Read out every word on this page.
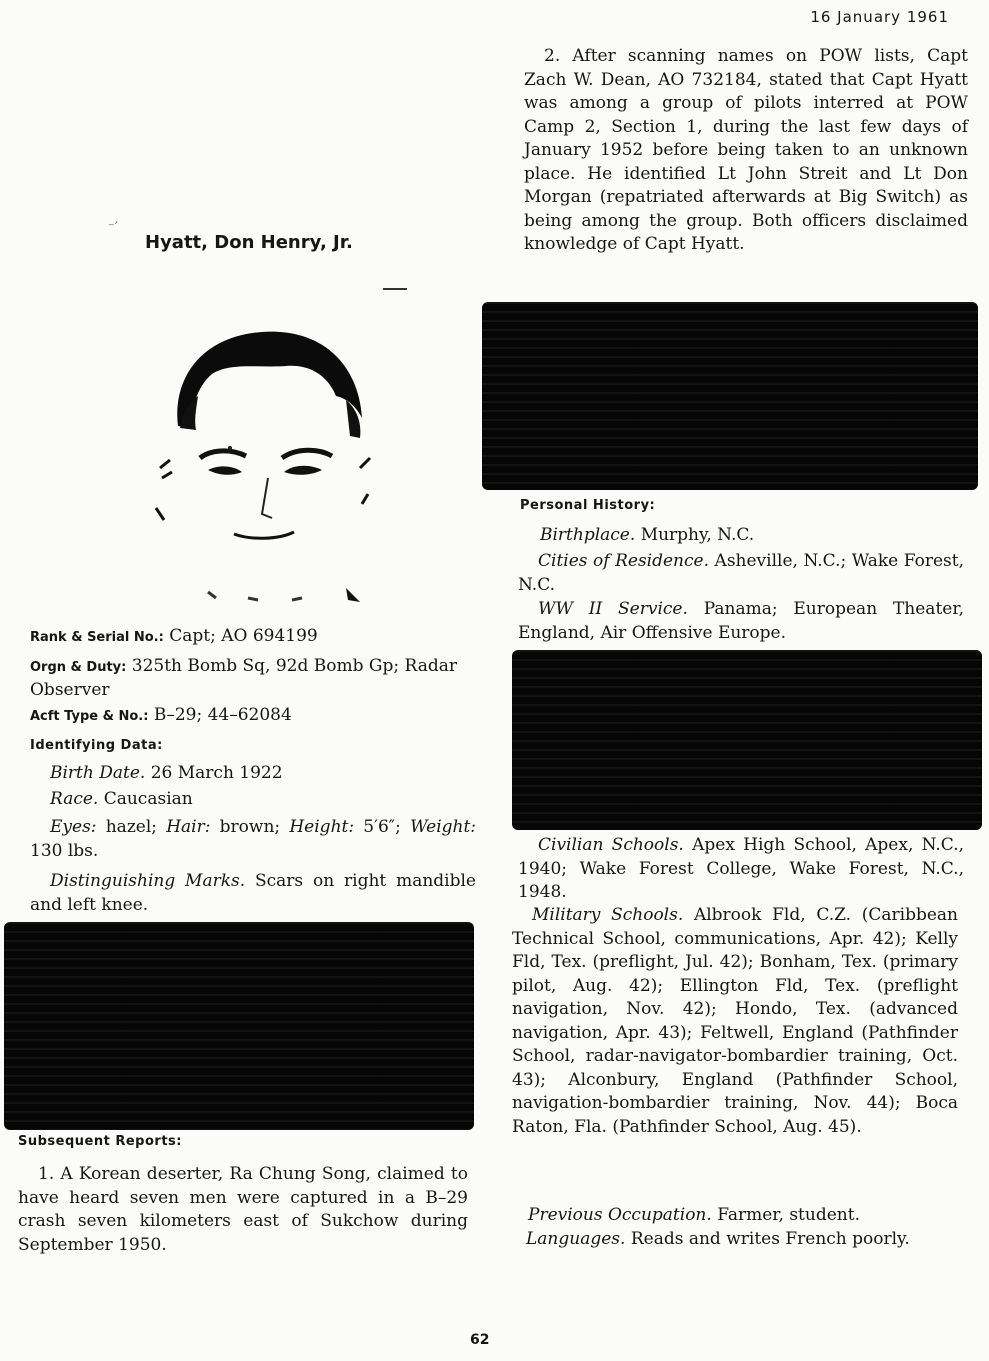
16 January 1961
Hyatt, Don Henry, Jr.
⁻′
Rank & Serial No.: Capt; AO 694199
Orgn & Duty: 325th Bomb Sq, 92d Bomb Gp; Radar Observer
Acft Type & No.: B–29; 44–62084
Identifying Data:
Birth Date. 26 March 1922
Race. Caucasian
Eyes: hazel; Hair: brown; Height: 5′6″; Weight: 130 lbs.
Distinguishing Marks. Scars on right mandible and left knee.
Subsequent Reports:

1. A Korean deserter, Ra Chung Song, claimed to have heard seven men were captured in a B–29 crash seven kilometers east of Sukchow during September 1950.

2. After scanning names on POW lists, Capt Zach W. Dean, AO 732184, stated that Capt Hyatt was among a group of pilots interred at POW Camp 2, Section 1, during the last few days of January 1952 before being taken to an unknown place. He identified Lt John Streit and Lt Don Morgan (repatriated afterwards at Big Switch) as being among the group. Both officers disclaimed knowledge of Capt Hyatt.

Personal History:
Birthplace. Murphy, N.C.
Cities of Residence. Asheville, N.C.; Wake Forest, N.C.
WW II Service. Panama; European Theater, England, Air Offensive Europe.
Civilian Schools. Apex High School, Apex, N.C., 1940; Wake Forest College, Wake Forest, N.C., 1948.
Military Schools. Albrook Fld, C.Z. (Caribbean Technical School, communications, Apr. 42); Kelly Fld, Tex. (preflight, Jul. 42); Bonham, Tex. (primary pilot, Aug. 42); Ellington Fld, Tex. (preflight navigation, Nov. 42); Hondo, Tex. (advanced navigation, Apr. 43); Feltwell, England (Pathfinder School, radar-navigator-bombardier training, Oct. 43); Alconbury, England (Pathfinder School, navigation-bombardier training, Nov. 44); Boca Raton, Fla. (Pathfinder School, Aug. 45).
Previous Occupation. Farmer, student.
Languages. Reads and writes French poorly.
62
